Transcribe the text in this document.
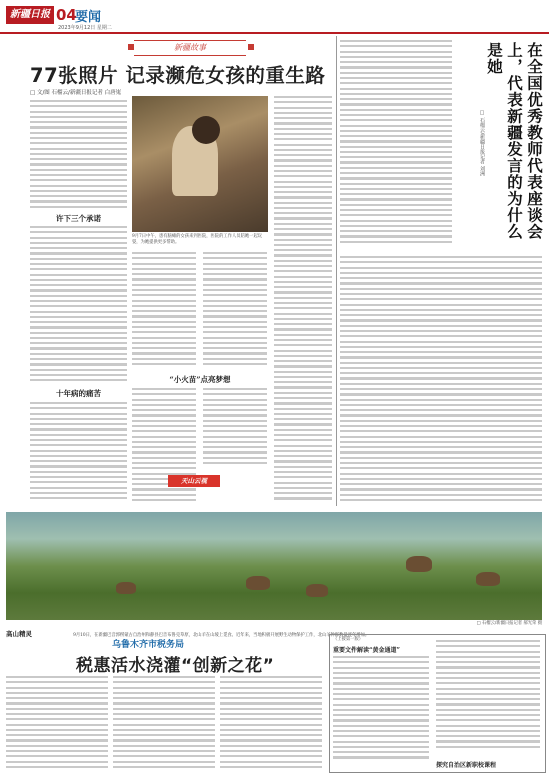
新疆日报 04
要闻
2023年9月12日 星期二
新疆故事
77张照片 记录濒危女孩的重生路
□ 文/图 石榴云/新疆日报记者 白唐嵬
许下三个承诺
十年病的痛苦
9月7日中午，患有脑瘫的女孩来到医院，医院的工作人员陪她一起玩耍，为她提供更多帮助。
“小火苗”点亮梦想
天山云视
在全国优秀教师代表座谈会上，代表新疆发言的为什么是她
□ 石榴云/新疆日报记者 刘洲
高山精灵	9月10日，在新疆巴音郭楞蒙古自治州和静县巴音布鲁克草原，北山羊在山坡上觅食。近年来，当地积极开展野生动物保护工作，北山羊种群数量逐年增加。
□ 石榴云/新疆日报记者 郝光荣 摄
乌鲁木齐市税务局
税惠活水浇灌“创新之花”
（上接第一版）
重要文件解读“黄金通道”
探究自治区新职校课程
